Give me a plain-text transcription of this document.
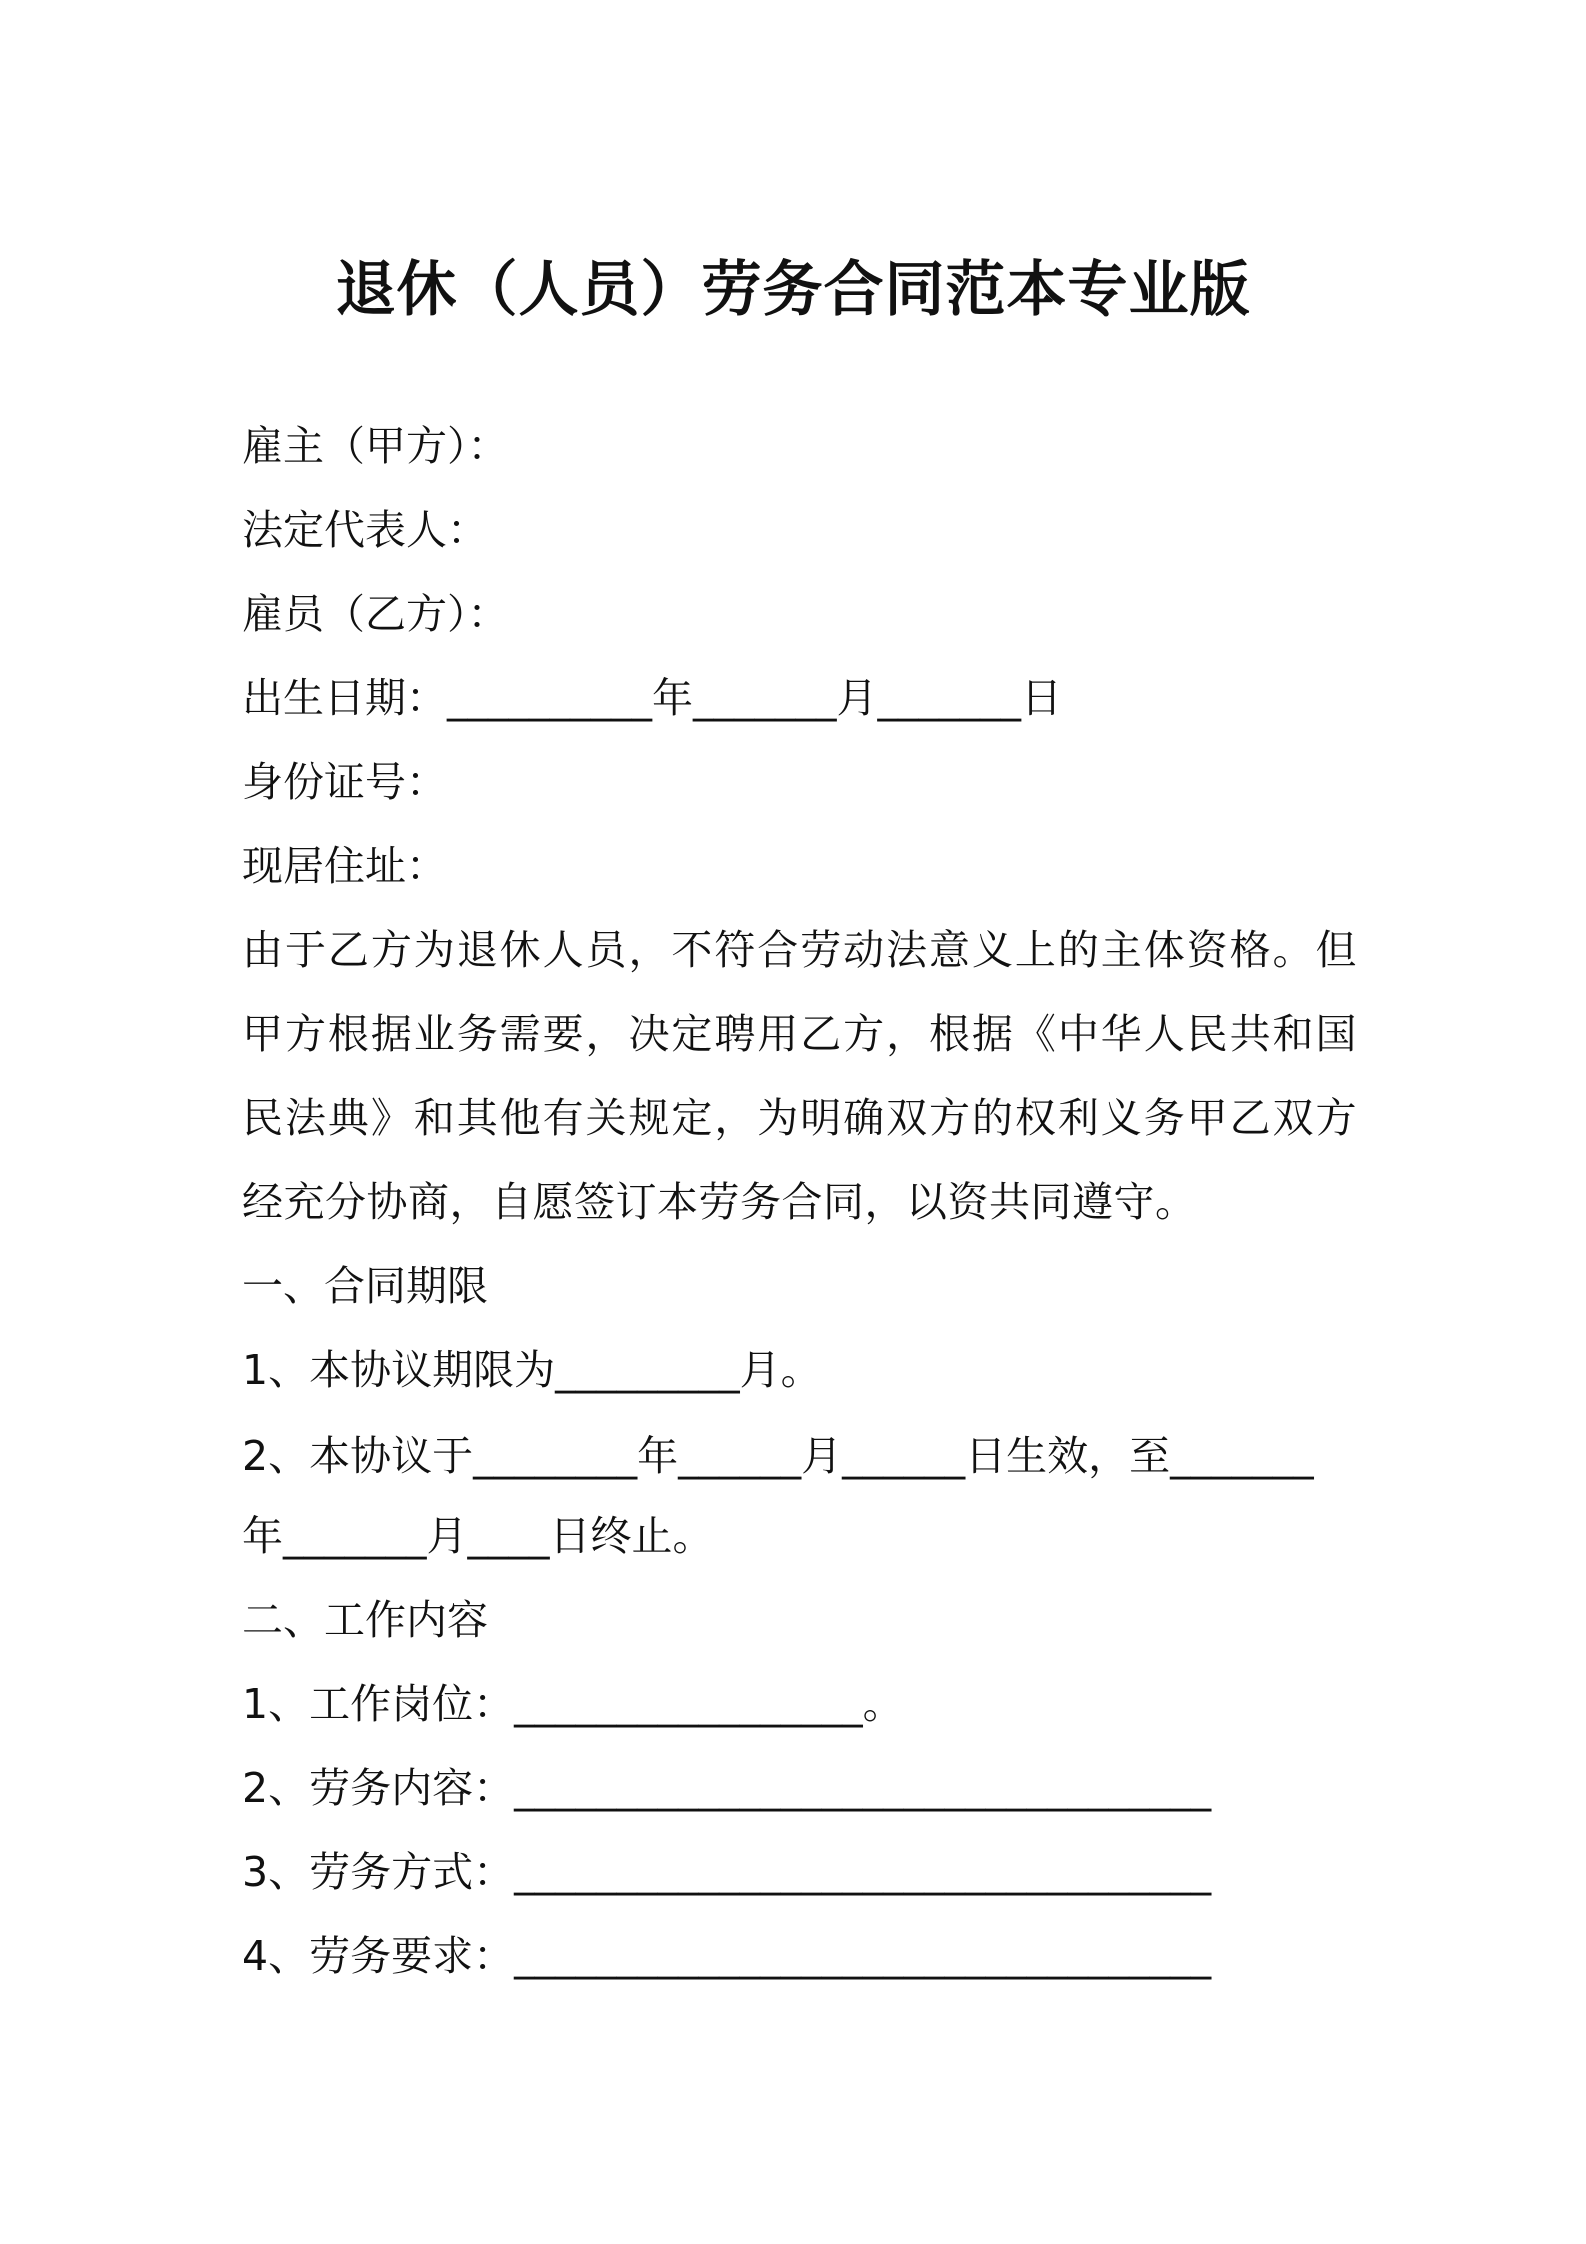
退休（人员）劳务合同范本专业版
雇主（甲方）：
法定代表人：
雇员（乙方）：
出生日期：__________年_______月_______日
身份证号：
现居住址：
由于乙方为退休人员，不符合劳动法意义上的主体资格。但甲方根据业务需要，决定聘用乙方，根据《中华人民共和国民法典》和其他有关规定，为明确双方的权利义务甲乙双方经充分协商，自愿签订本劳务合同，以资共同遵守。
一、合同期限
1、本协议期限为_________月。
2、本协议于________年______月______日生效，至_______
年_______月____日终止。
二、工作内容
1、工作岗位：_________________。
2、劳务内容：__________________________________
3、劳务方式：__________________________________
4、劳务要求：__________________________________
